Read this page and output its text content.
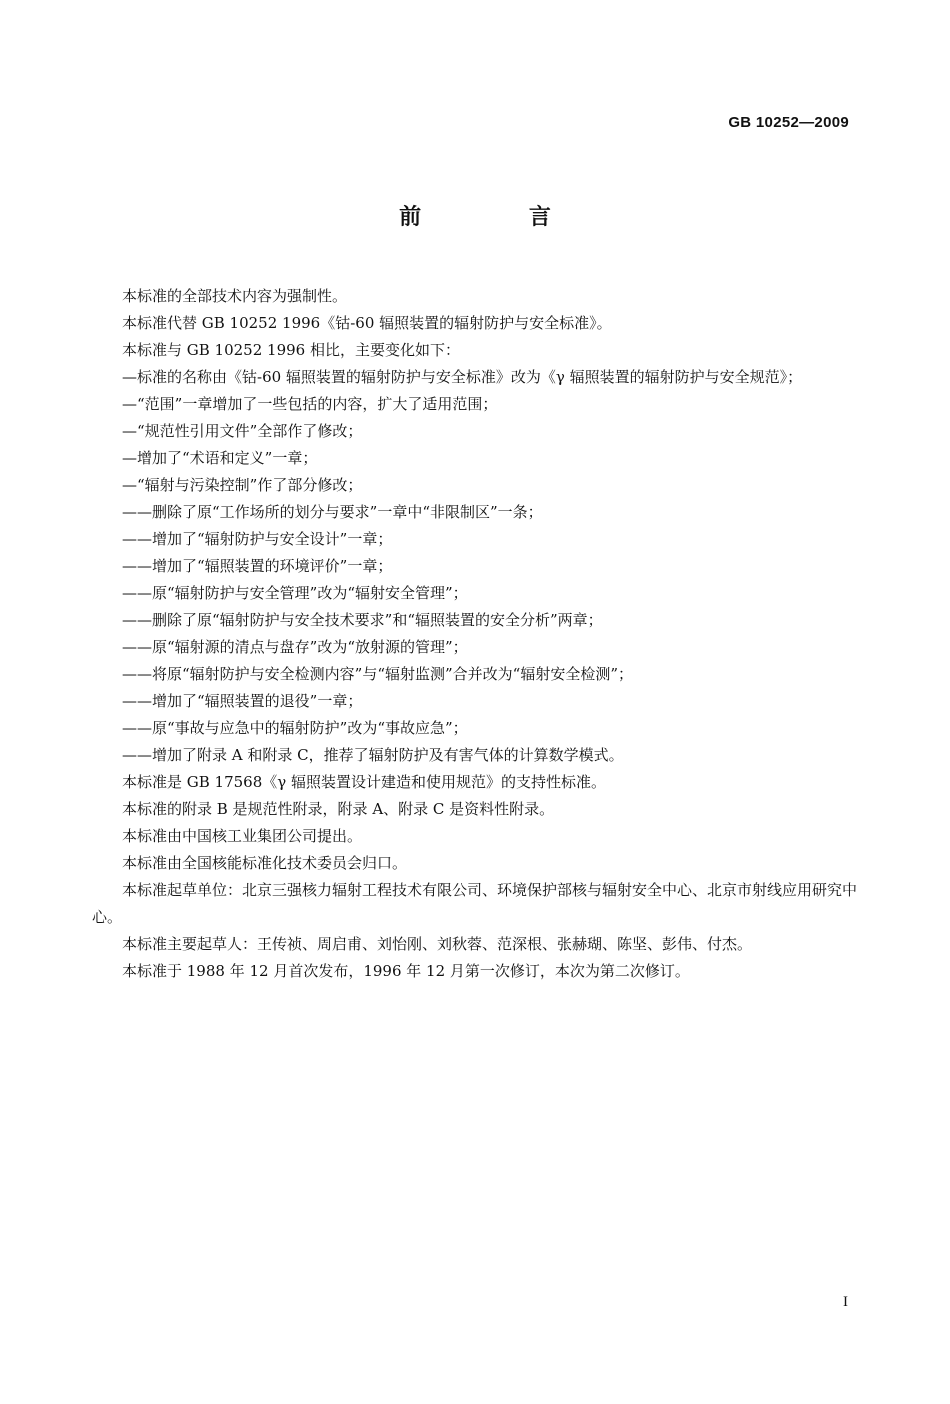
GB 10252—2009
前 言

本标准的全部技术内容为强制性。

本标准代替 GB 10252 1996《钴-60 辐照装置的辐射防护与安全标准》。

本标准与 GB 10252 1996 相比，主要变化如下：

—标准的名称由《钴-60 辐照装置的辐射防护与安全标准》改为《γ 辐照装置的辐射防护与安全规范》；

—“范围”一章增加了一些包括的内容，扩大了适用范围；

—“规范性引用文件”全部作了修改；

—增加了“术语和定义”一章；

—“辐射与污染控制”作了部分修改；

——删除了原“工作场所的划分与要求”一章中“非限制区”一条；

——增加了“辐射防护与安全设计”一章；

——增加了“辐照装置的环境评价”一章；

——原“辐射防护与安全管理”改为“辐射安全管理”；

——删除了原“辐射防护与安全技术要求”和“辐照装置的安全分析”两章；

——原“辐射源的清点与盘存”改为“放射源的管理”；

——将原“辐射防护与安全检测内容”与“辐射监测”合并改为“辐射安全检测”；

——增加了“辐照装置的退役”一章；

——原“事故与应急中的辐射防护”改为“事故应急”；

——增加了附录 A 和附录 C，推荐了辐射防护及有害气体的计算数学模式。

本标准是 GB 17568《γ 辐照装置设计建造和使用规范》的支持性标准。

本标准的附录 B 是规范性附录，附录 A、附录 C 是资料性附录。

本标准由中国核工业集团公司提出。

本标准由全国核能标准化技术委员会归口。

本标准起草单位：北京三强核力辐射工程技术有限公司、环境保护部核与辐射安全中心、北京市射线应用研究中心。

本标准主要起草人：王传祯、周启甫、刘怡刚、刘秋蓉、范深根、张赫瑚、陈坚、彭伟、付杰。

本标准于 1988 年 12 月首次发布，1996 年 12 月第一次修订，本次为第二次修订。

I
